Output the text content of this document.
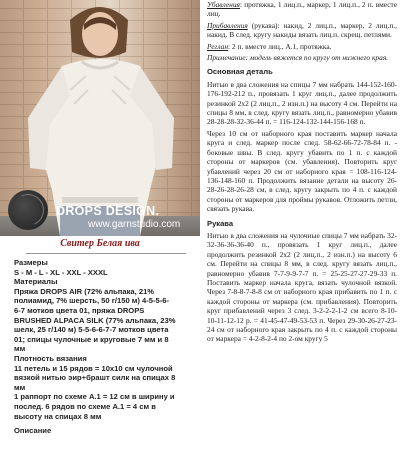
DROPS DESIGN.
www.garnstudio.com
Свитер Белая ива
Размеры
S - M - L - XL - XXL - XXXL
Материалы
Пряжа DROPS AIR (72% альпака, 21%
полиамид, 7% шерсть, 50 г/150 м) 4-5-5-6-
6-7 мотков цвета 01, пряжа DROPS
BRUSHED ALPACA SILK (77% альпака, 23%
шелк, 25 г/140 м) 5-5-6-6-7-7 мотков цвета
01; спицы чулочные и круговые 7 мм и 8
мм
Плотность вязания
11 петель и 15 рядов = 10х10 см чулочной
вязкой нитью эир+брашт силк на спицах 8
мм
1 раппорт по схеме А.1 = 12 см в ширину и
послед. 6 рядов по схеме А.1 = 4 см в
высоту на спицах 8 мм
Описание

Убавления: протяжка, 1 лиц.п., маркер, 1 лиц.п., 2 п. вместе лиц.

Прибавления (рукава): накид, 2 лиц.п., маркер, 2 лиц.п., накид. В след. кругу накиды вязать лиц.п. скрещ. петлями.

Реглан: 2 п. вместе лиц., А.1, протяжка.

Примечание: модель вяжется по кругу от нижнего края.

Основная деталь

Нитью в два сложения на спицы 7 мм набрать 144-152-160-176-192-212 п., провязать 1 круг лиц.п., далее продолжить резинкой 2х2 (2 лиц.п., 2 изн.п.) на высоту 4 см. Перейти на спицы 8 мм, в след. кругу вязать лиц.п., равномерно убавив 28-28-28-32-36-44 п. = 116-124-132-144-156-168 п.

Через 10 см от наборного края поставить маркер начала круга и след. маркер после след. 58-62-66-72-78-84 п. - боковые швы. В след. кругу убавить по 1 п. с каждой стороны от маркеров (см. убавления). Повторить круг убавлений через 20 см от наборного края = 108-116-124-136-148-160 п. Продолжить вязание детали на высоту 26-28-26-28-26-28 см, в след. кругу закрыть по 4 п. с каждой стороны от маркеров для проймы рукавов. Отложить петли, связать рукава.

Рукава

Нитью в два сложения на чулочные спицы 7 мм набрать 32-32-36-36-36-40 п., провязать 1 круг лиц.п., далее продолжить резинкой 2х2 (2 лиц.п., 2 изн.п.) на высоту 6 см. Перейти на спицы 8 мм, в след. кругу вязать лиц.п., равномерно убавив 7-7-9-9-7-7 п. = 25-25-27-27-29-33 п. Поставить маркер начала круга, вязать чулочной вязкой. Через 7-8-8-7-8-8 см от наборного края прибавить по 1 п. с каждой стороны от маркера (см. прибавления). Повторить круг прибавлений через 3 след. 3-2-2-2-1-2 см всего 8-10-10-11-12-12 р. = 41-45-47-49-53-53 п. Через 29-30-26-27-23-24 см от наборного края закрыть по 4 п. с каждой стороны от маркера = 4-2-8-2-4 по 2-ом кругу 5
